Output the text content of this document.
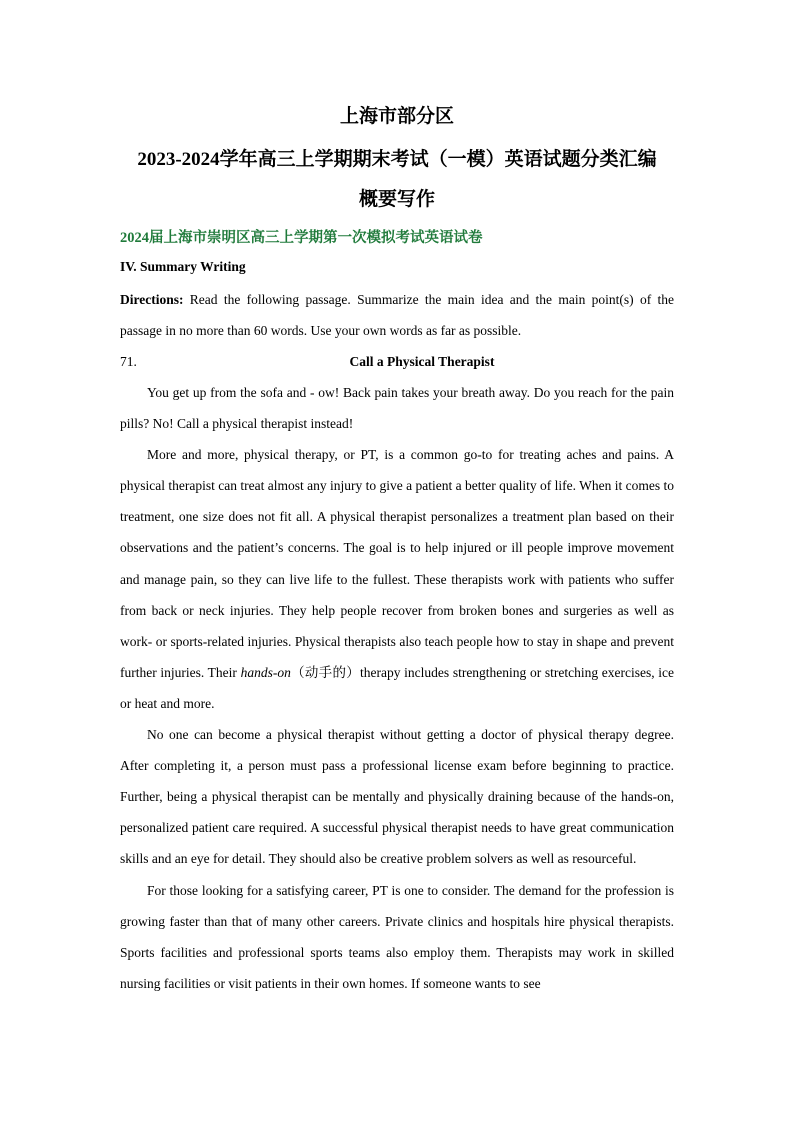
上海市部分区
2023-2024学年高三上学期期末考试（一模）英语试题分类汇编
概要写作
2024届上海市崇明区高三上学期第一次模拟考试英语试卷
IV. Summary Writing
Directions: Read the following passage. Summarize the main idea and the main point(s) of the passage in no more than 60 words. Use your own words as far as possible.
71.	Call a Physical Therapist

You get up from the sofa and - ow! Back pain takes your breath away. Do you reach for the pain pills? No! Call a physical therapist instead!

More and more, physical therapy, or PT, is a common go-to for treating aches and pains. A physical therapist can treat almost any injury to give a patient a better quality of life. When it comes to treatment, one size does not fit all. A physical therapist personalizes a treatment plan based on their observations and the patient’s concerns. The goal is to help injured or ill people improve movement and manage pain, so they can live life to the fullest. These therapists work with patients who suffer from back or neck injuries. They help people recover from broken bones and surgeries as well as work- or sports-related injuries. Physical therapists also teach people how to stay in shape and prevent further injuries. Their hands-on（动手的）therapy includes strengthening or stretching exercises, ice or heat and more.

No one can become a physical therapist without getting a doctor of physical therapy degree. After completing it, a person must pass a professional license exam before beginning to practice. Further, being a physical therapist can be mentally and physically draining because of the hands-on, personalized patient care required. A successful physical therapist needs to have great communication skills and an eye for detail. They should also be creative problem solvers as well as resourceful.

For those looking for a satisfying career, PT is one to consider. The demand for the profession is growing faster than that of many other careers. Private clinics and hospitals hire physical therapists. Sports facilities and professional sports teams also employ them. Therapists may work in skilled nursing facilities or visit patients in their own homes. If someone wants to see
